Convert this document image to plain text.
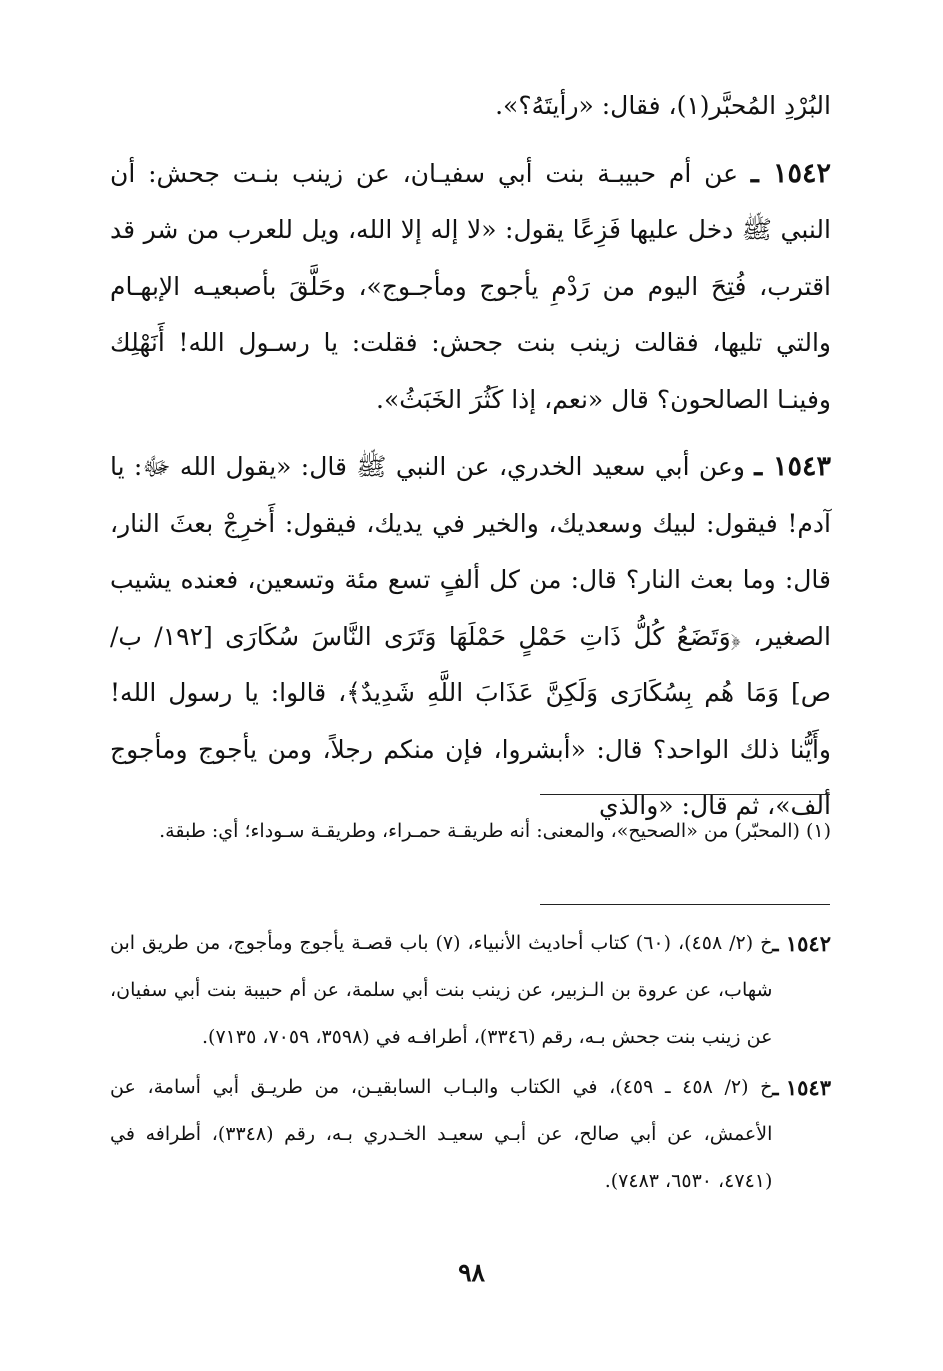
البُرْدِ المُحبَّر(١)، فقال: «رأيتَهُ؟».

١٥٤٢ ـ عن أم حبيبـة بنت أبي سفيـان، عن زينب بنـت جحش: أن النبي ﷺ دخل عليها فَزِعًا يقول: «لا إله إلا الله، ويل للعرب من شر قد اقترب، فُتِحَ اليوم من رَدْمِ يأجوج ومأجـوج»، وحَلَّقَ بأصبعيـه الإبهـام والتي تليها، فقالت زينب بنت جحش: فقلت: يا رسـول الله! أَنَهْلِك وفينـا الصالحون؟ قال «نعم، إذا كَثُرَ الخَبَثُ».

١٥٤٣ ـ وعن أبي سعيد الخدري، عن النبي ﷺ قال: «يقول الله ﷻ: يا آدم! فيقول: لبيك وسعديك، والخير في يديك، فيقول: أَخرِجْ بعثَ النار، قال: وما بعث النار؟ قال: من كل ألفٍ تسع مئة وتسعين، فعنده يشيب الصغير، ﴿وَتَضَعُ كُلُّ ذَاتِ حَمْلٍ حَمْلَهَا وَتَرَى النَّاسَ سُكَارَى [١٩٢/ ب/ ص] وَمَا هُم بِسُكَارَى وَلَكِنَّ عَذَابَ اللَّهِ شَدِيدٌ﴾، قالوا: يا رسول الله! وأَيُّنا ذلك الواحد؟ قال: «أبشروا، فإن منكم رجلاً، ومن يأجوج ومأجوج ألف»، ثم قال: «والذي

(١) (المحبّر) من «الصحيح»، والمعنى: أنه طريقـة حمـراء، وطريقـة سـوداء؛ أي: طبقة.

١٥٤٢ ـ
خ (٢/ ٤٥٨)، (٦٠) كتاب أحاديث الأنبياء، (٧) باب قصـة يأجوج ومأجوج، من طريق ابن شهاب، عن عروة بن الـزبير، عن زينب بنت أبي سلمة، عن أم حبيبة بنت أبي سفيان، عن زينب بنت جحش بـه، رقم (٣٣٤٦)، أطرافـه في (٣٥٩٨، ٧٠٥٩، ٧١٣٥).
١٥٤٣ ـ
خ (٢/ ٤٥٨ ـ ٤٥٩)، في الكتاب والبـاب السابقيـن، من طريـق أبي أسامة، عن الأعمش، عن أبي صالح، عن أبـي سعيـد الخـدري بـه، رقم (٣٣٤٨)، أطرافه في (٤٧٤١، ٦٥٣٠، ٧٤٨٣).
٩٨
